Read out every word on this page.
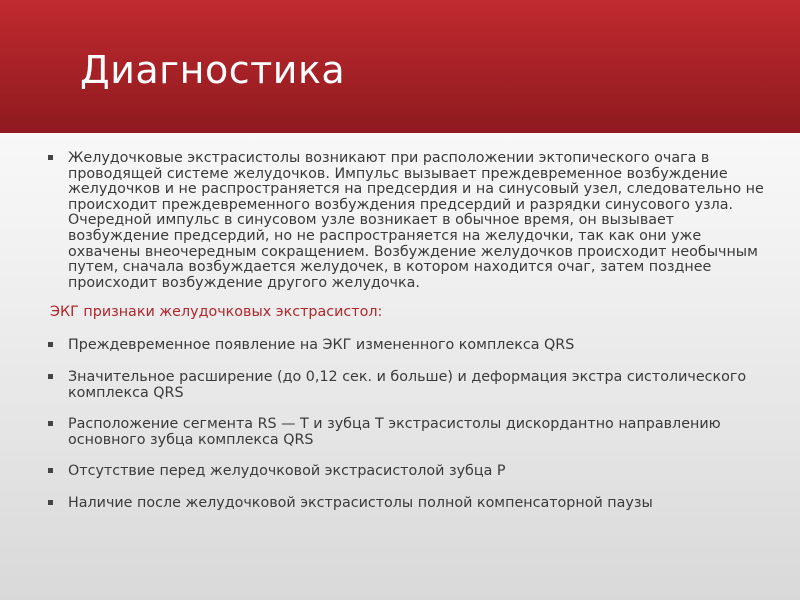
Диагностика
Желудочковые экстрасистолы возникают при расположении эктопического очага в проводящей системе желудочков. Импульс вызывает преждевременное возбуждение желудочков и не распространяется на предсердия и на синусовый узел, следовательно не происходит преждевременного возбуждения предсердий и разрядки синусового узла. Очередной импульс в синусовом узле возникает в обычное время, он вызывает возбуждение предсердий, но не распространяется на желудочки, так как они уже охвачены внеочередным сокращением. Возбуждение желудочков происходит необычным путем, сначала возбуждается желудочек, в котором находится очаг, затем позднее происходит возбуждение другого желудочка.
ЭКГ признаки желудочковых экстрасистол:
Преждевременное появление на ЭКГ измененного комплекса QRS
Значительное расширение (до 0,12 сек. и больше) и деформация экстра систолического комплекса QRS
Расположение сегмента RS — T и зубца T экстрасистолы дискордантно направлению основного зубца комплекса QRS
Отсутствие перед желудочковой экстрасистолой зубца P
Наличие после желудочковой экстрасистолы полной компенсаторной паузы
